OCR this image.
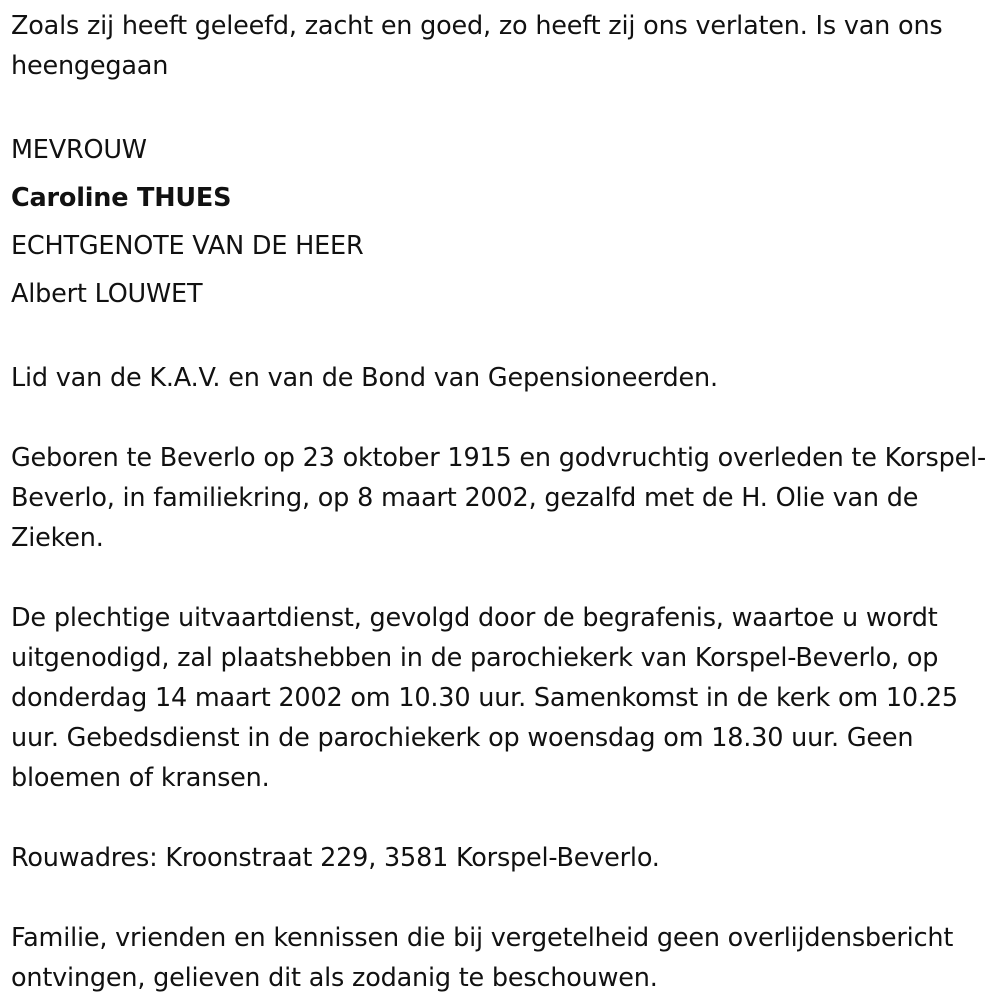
Zoals zij heeft geleefd, zacht en goed, zo heeft zij ons verlaten. Is van ons heengegaan

MEVROUW

Caroline THUES

ECHTGENOTE VAN DE HEER

Albert LOUWET

Lid van de K.A.V. en van de Bond van Gepensioneerden.

Geboren te Beverlo op 23 oktober 1915 en godvruchtig overleden te Korspel-Beverlo, in familiekring, op 8 maart 2002, gezalfd met de H. Olie van de Zieken.

De plechtige uitvaartdienst, gevolgd door de begrafenis, waartoe u wordt uitgenodigd, zal plaatshebben in de parochiekerk van Korspel-Beverlo, op donderdag 14 maart 2002 om 10.30 uur. Samenkomst in de kerk om 10.25 uur. Gebedsdienst in de parochiekerk op woensdag om 18.30 uur. Geen bloemen of kransen.

Rouwadres: Kroonstraat 229, 3581 Korspel-Beverlo.

Familie, vrienden en kennissen die bij vergetelheid geen overlijdensbericht ontvingen, gelieven dit als zodanig te beschouwen.
